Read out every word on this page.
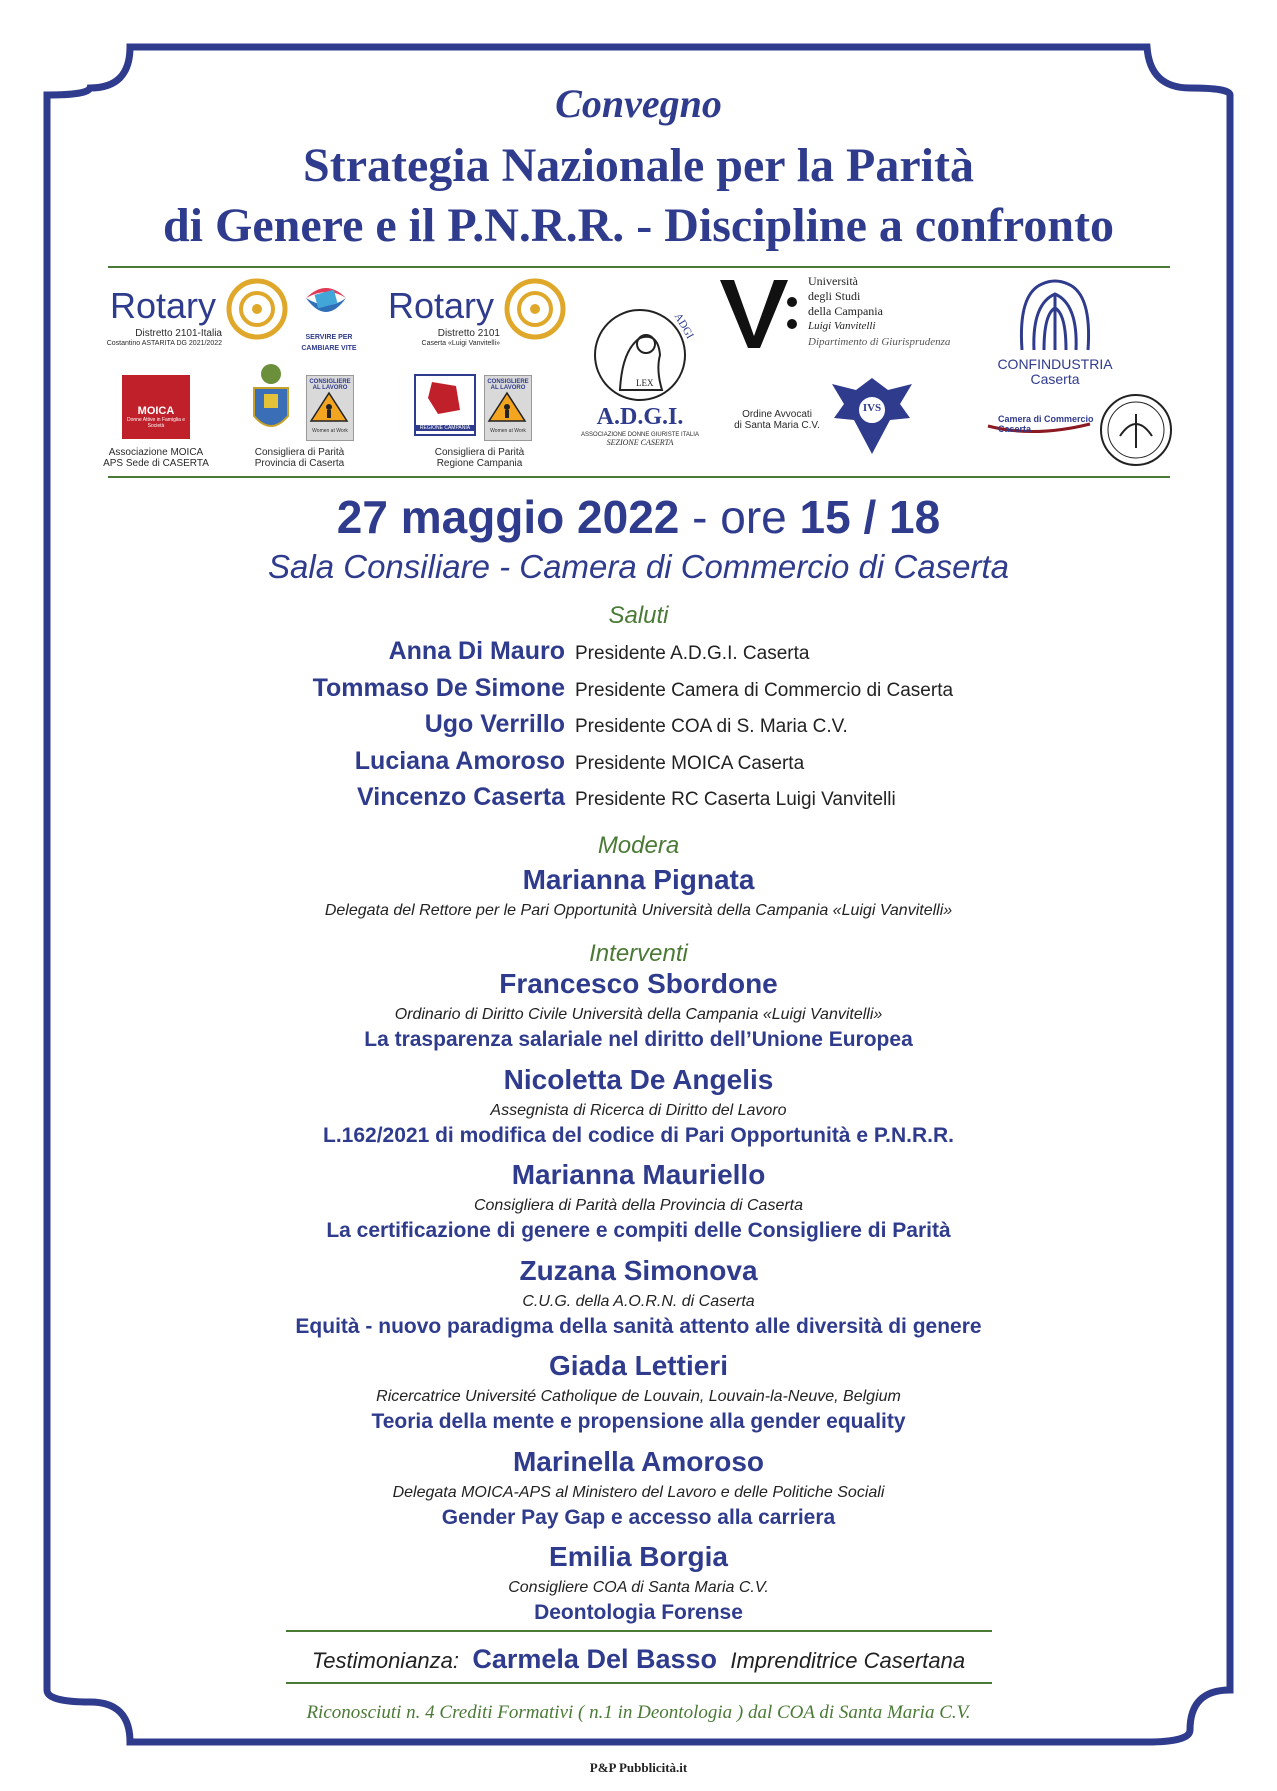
Convegno
Strategia Nazionale per la Parità
di Genere e il P.N.R.R. - Discipline a confronto
Rotary
Distretto 2101-Italia
Costantino ASTARITA DG 2021/2022
SERVIRE PER CAMBIARE VITE
Rotary
Distretto 2101
Caserta «Luigi Vanvitelli»
MOICA
Donne Attive in Famiglia e Società
Associazione MOICA
APS Sede di CASERTA
CONSIGLIERE
AL LAVORO
Women at Work
Consigliera di Parità
Provincia di Caserta
REGIONE CAMPANIA
CONSIGLIERE
AL LAVORO
Women at Work
Consigliera di Parità
Regione Campania
ADGI
LEX
A.D.G.I.
ASSOCIAZIONE DONNE GIURISTE ITALIA
SEZIONE CASERTA
Università
degli Studi
della Campania
Luigi Vanvitelli
Dipartimento di Giurisprudenza
Ordine Avvocati
di Santa Maria C.V.
IVS
CONFINDUSTRIA
Caserta
Camera di Commercio
Caserta
27 maggio 2022 - ore 15 / 18
Sala Consiliare - Camera di Commercio di Caserta
Saluti
Anna Di Mauro Presidente A.D.G.I. Caserta
Tommaso De Simone Presidente Camera di Commercio di Caserta
Ugo Verrillo Presidente COA di S. Maria C.V.
Luciana Amoroso Presidente MOICA Caserta
Vincenzo Caserta Presidente RC Caserta Luigi Vanvitelli
Modera
Marianna Pignata
Delegata del Rettore per le Pari Opportunità Università della Campania «Luigi Vanvitelli»
Interventi
Francesco Sbordone
Ordinario di Diritto Civile Università della Campania «Luigi Vanvitelli»
La trasparenza salariale nel diritto dell’Unione Europea
Nicoletta De Angelis
Assegnista di Ricerca di Diritto del Lavoro
L.162/2021 di modifica del codice di Pari Opportunità e P.N.R.R.
Marianna Mauriello
Consigliera di Parità della Provincia di Caserta
La certificazione di genere e compiti delle Consigliere di Parità
Zuzana Simonova
C.U.G. della A.O.R.N. di Caserta
Equità - nuovo paradigma della sanità attento alle diversità di genere
Giada Lettieri
Ricercatrice Université Catholique de Louvain, Louvain-la-Neuve, Belgium
Teoria della mente e propensione alla gender equality
Marinella Amoroso
Delegata MOICA-APS al Ministero del Lavoro e delle Politiche Sociali
Gender Pay Gap e accesso alla carriera
Emilia Borgia
Consigliere COA di Santa Maria C.V.
Deontologia Forense
Testimonianza: Carmela Del Basso Imprenditrice Casertana
Riconosciuti n. 4 Crediti Formativi ( n.1 in Deontologia ) dal COA di Santa Maria C.V.
P&P Pubblicità.it
